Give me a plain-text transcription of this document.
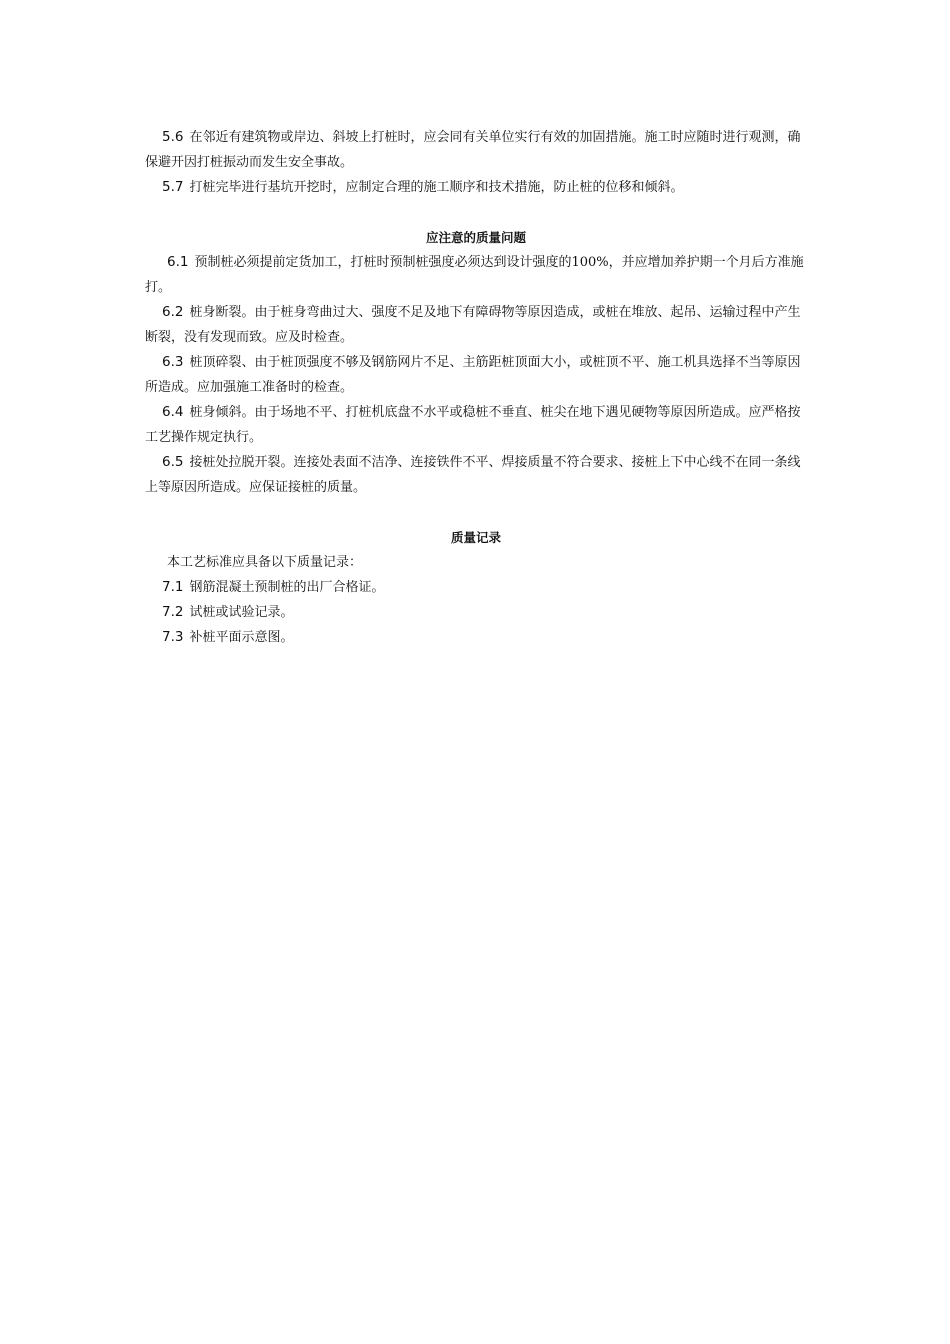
5.6 在邻近有建筑物或岸边、斜坡上打桩时，应会同有关单位实行有效的加固措施。施工时应随时进行观测，确保避开因打桩振动而发生安全事故。

5.7 打桩完毕进行基坑开挖时，应制定合理的施工顺序和技术措施，防止桩的位移和倾斜。

应注意的质量问题

6.1 预制桩必须提前定货加工，打桩时预制桩强度必须达到设计强度的100%，并应增加养护期一个月后方准施打。

6.2 桩身断裂。由于桩身弯曲过大、强度不足及地下有障碍物等原因造成，或桩在堆放、起吊、运输过程中产生断裂，没有发现而致。应及时检查。

6.3 桩顶碎裂、由于桩顶强度不够及钢筋网片不足、主筋距桩顶面大小，或桩顶不平、施工机具选择不当等原因所造成。应加强施工准备时的检查。

6.4 桩身倾斜。由于场地不平、打桩机底盘不水平或稳桩不垂直、桩尖在地下遇见硬物等原因所造成。应严格按工艺操作规定执行。

6.5 接桩处拉脱开裂。连接处表面不洁净、连接铁件不平、焊接质量不符合要求、接桩上下中心线不在同一条线上等原因所造成。应保证接桩的质量。

质量记录

本工艺标准应具备以下质量记录：

7.1 钢筋混凝土预制桩的出厂合格证。

7.2 试桩或试验记录。

7.3 补桩平面示意图。
